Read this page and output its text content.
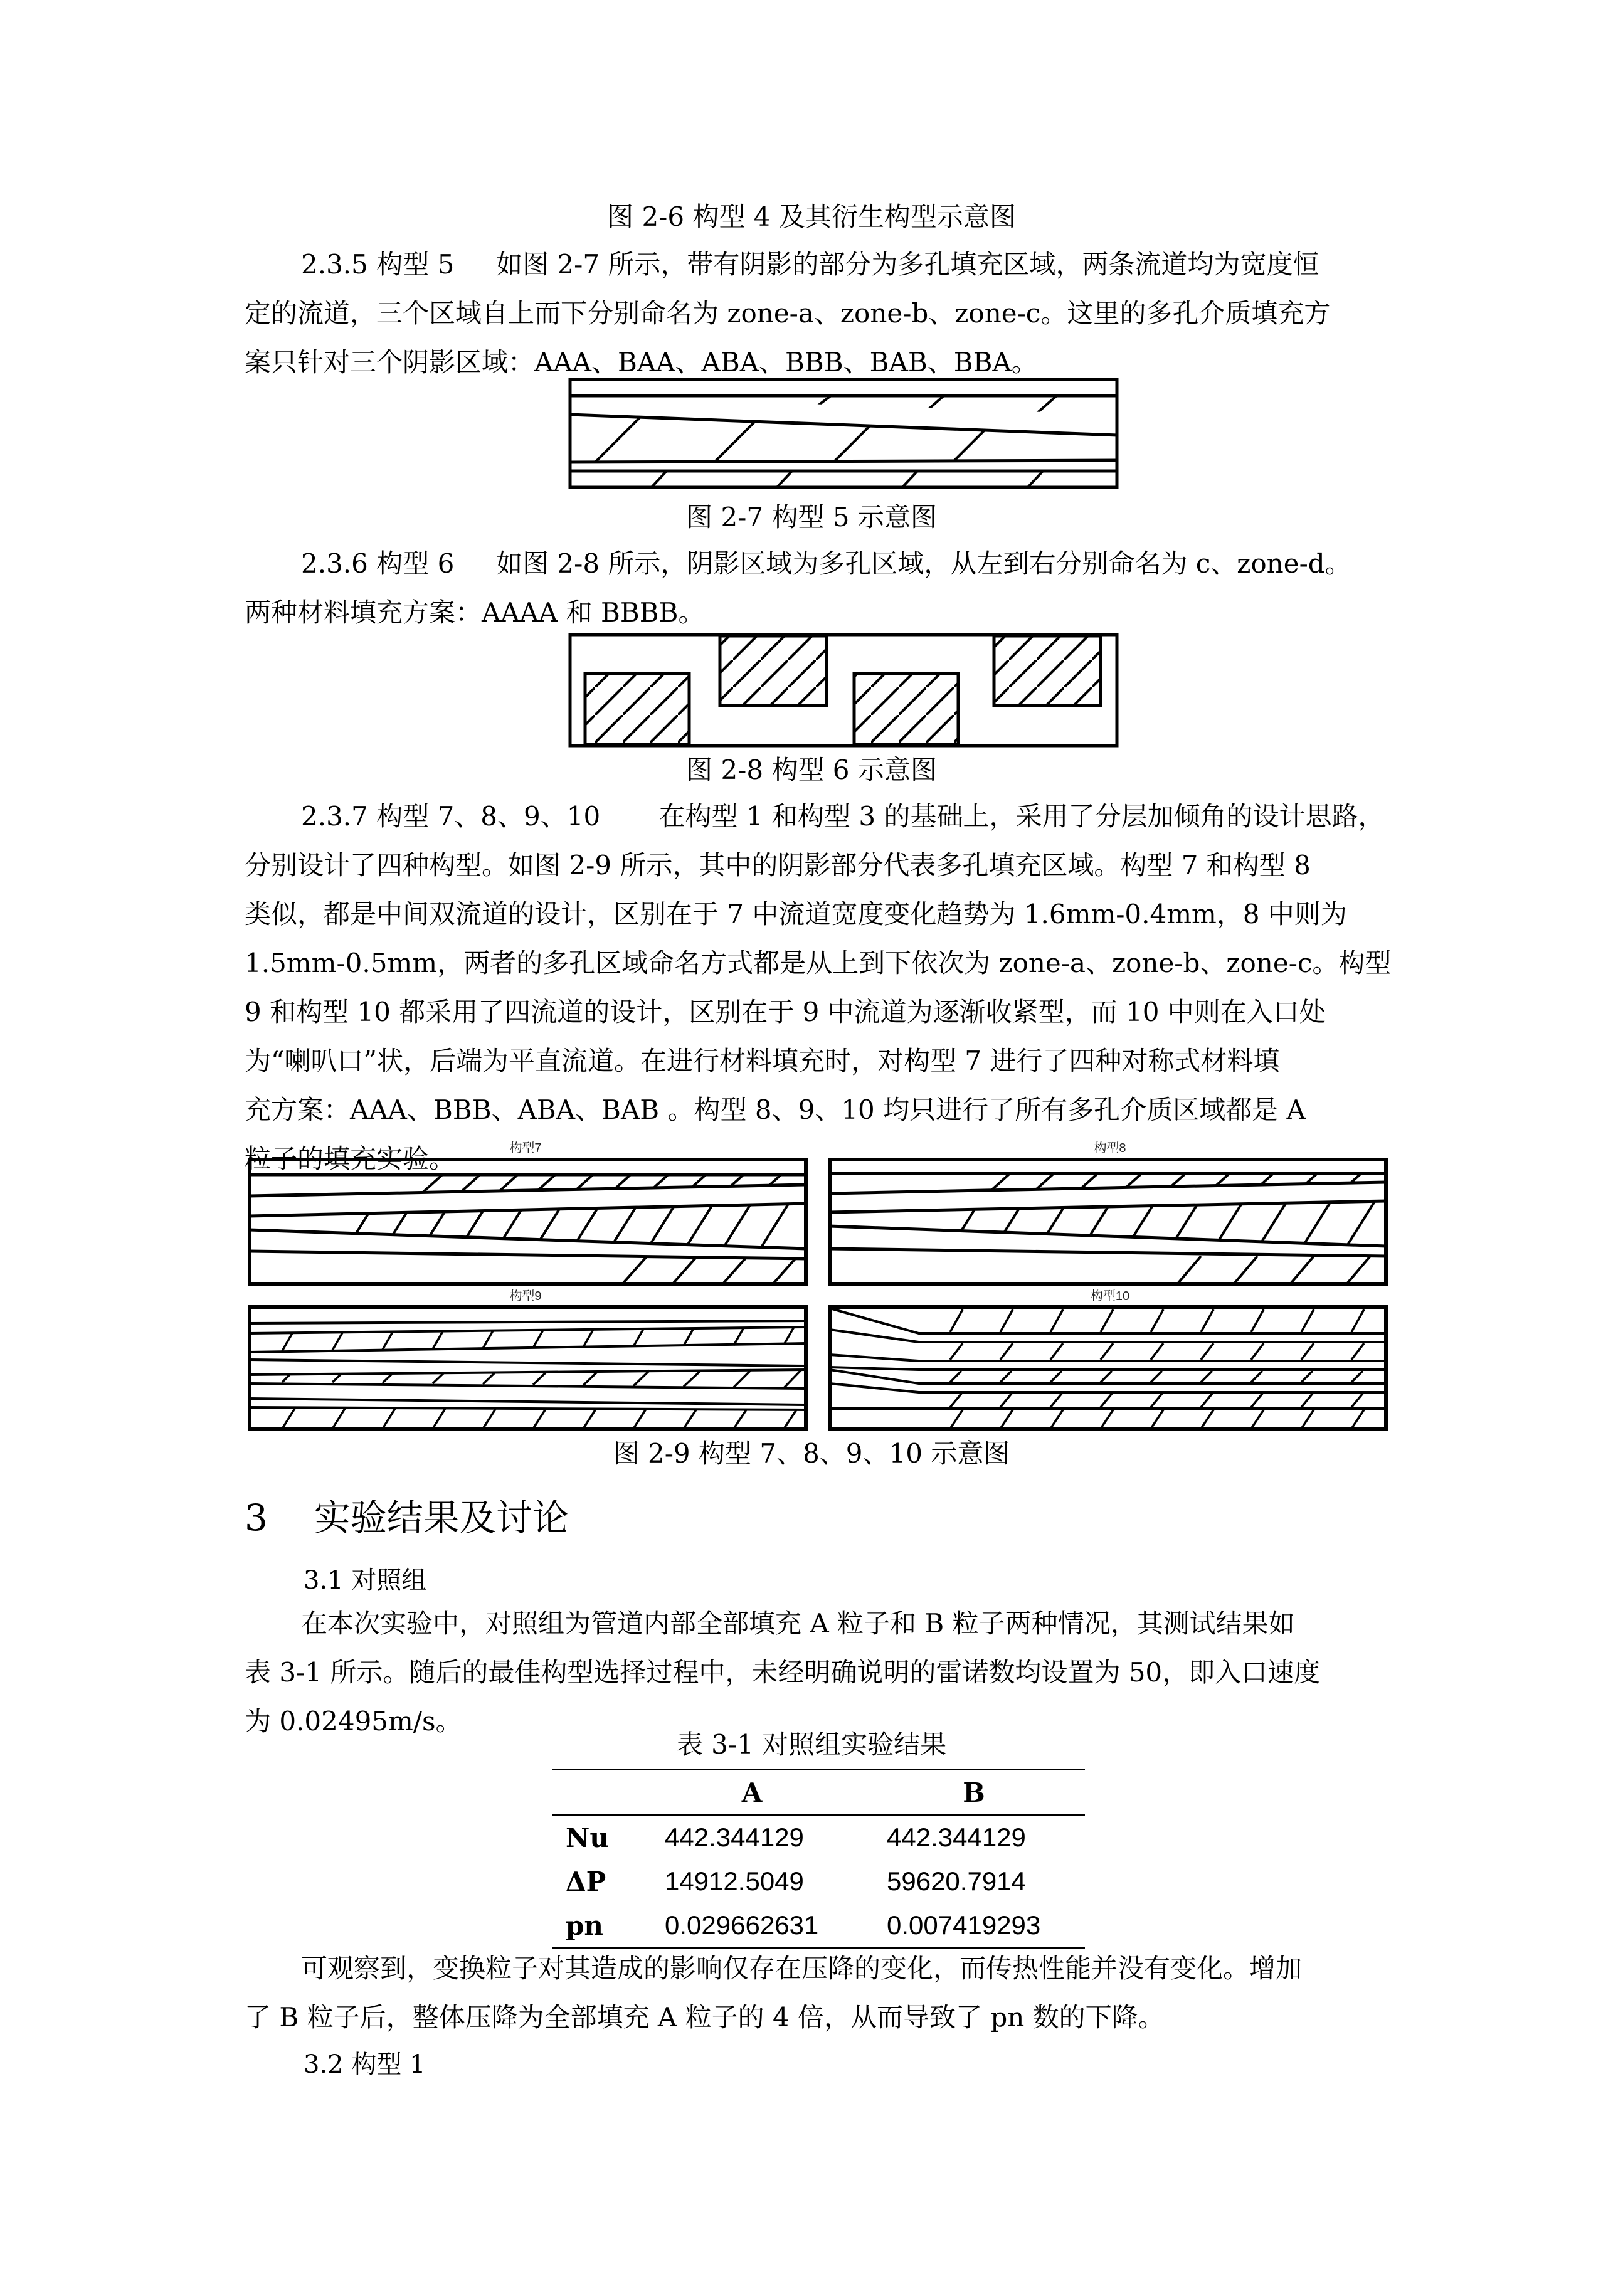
图 2-6 构型 4 及其衍生构型示意图
2.3.5 构型 5 如图 2-7 所示，带有阴影的部分为多孔填充区域，两条流道均为宽度恒
定的流道，三个区域自上而下分别命名为 zone-a、zone-b、zone-c。这里的多孔介质填充方
案只针对三个阴影区域：AAA、BAA、ABA、BBB、BAB、BBA。
图 2-7 构型 5 示意图
2.3.6 构型 6 如图 2-8 所示，阴影区域为多孔区域，从左到右分别命名为 c、zone-d。
两种材料填充方案：AAAA 和 BBBB。
图 2-8 构型 6 示意图
2.3.7 构型 7、8、9、10 在构型 1 和构型 3 的基础上，采用了分层加倾角的设计思路，
分别设计了四种构型。如图 2-9 所示，其中的阴影部分代表多孔填充区域。构型 7 和构型 8
类似，都是中间双流道的设计，区别在于 7 中流道宽度变化趋势为 1.6mm-0.4mm，8 中则为
1.5mm-0.5mm，两者的多孔区域命名方式都是从上到下依次为 zone-a、zone-b、zone-c。构型
9 和构型 10 都采用了四流道的设计，区别在于 9 中流道为逐渐收紧型，而 10 中则在入口处
为“喇叭口”状，后端为平直流道。在进行材料填充时，对构型 7 进行了四种对称式材料填
充方案：AAA、BBB、ABA、BAB 。构型 8、9、10 均只进行了所有多孔介质区域都是 A
粒子的填充实验。	构型7	构型8
构型9	构型10
图 2-9 构型 7、8、9、10 示意图
3 实验结果及讨论
3.1 对照组
在本次实验中，对照组为管道内部全部填充 A 粒子和 B 粒子两种情况，其测试结果如
表 3-1 所示。随后的最佳构型选择过程中，未经明确说明的雷诺数均设置为 50，即入口速度
为 0.02495m/s。
表 3-1 对照组实验结果
	A	B
Nu	442.344129	442.344129
ΔP	14912.5049	59620.7914
pn	0.029662631	0.007419293
可观察到，变换粒子对其造成的影响仅存在压降的变化，而传热性能并没有变化。增加
了 B 粒子后，整体压降为全部填充 A 粒子的 4 倍，从而导致了 pn 数的下降。
3.2 构型 1
